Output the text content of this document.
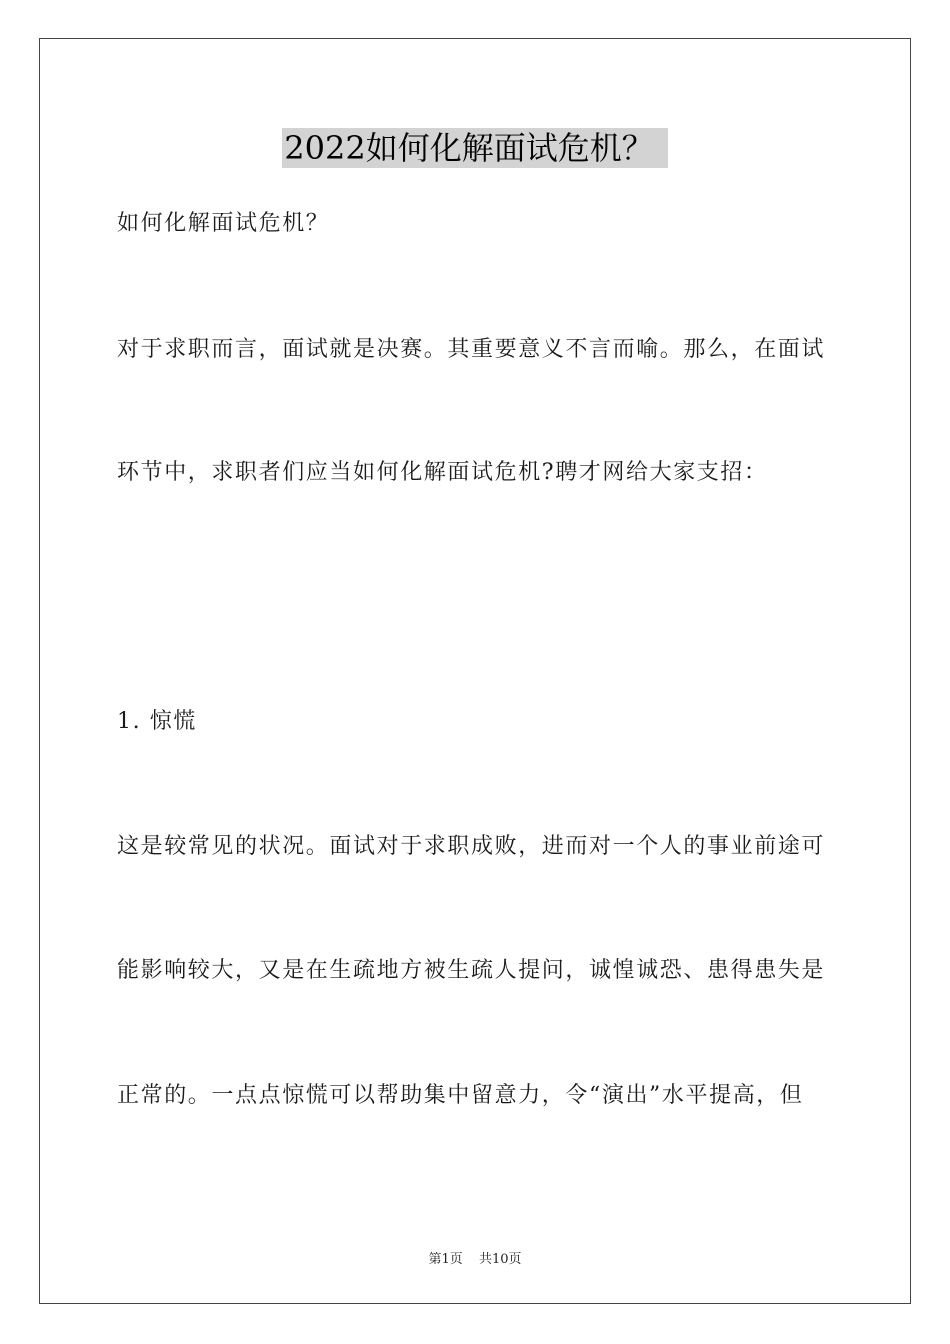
2022如何化解面试危机？
如何化解面试危机？
对于求职而言，面试就是决赛。其重要意义不言而喻。那么，在面试
环节中，求职者们应当如何化解面试危机?聘才网给大家支招：
1. 惊慌
这是较常见的状况。面试对于求职成败，进而对一个人的事业前途可
能影响较大，又是在生疏地方被生疏人提问，诚惶诚恐、患得患失是
正常的。一点点惊慌可以帮助集中留意力，令“演出”水平提高，但
第1页 共10页
